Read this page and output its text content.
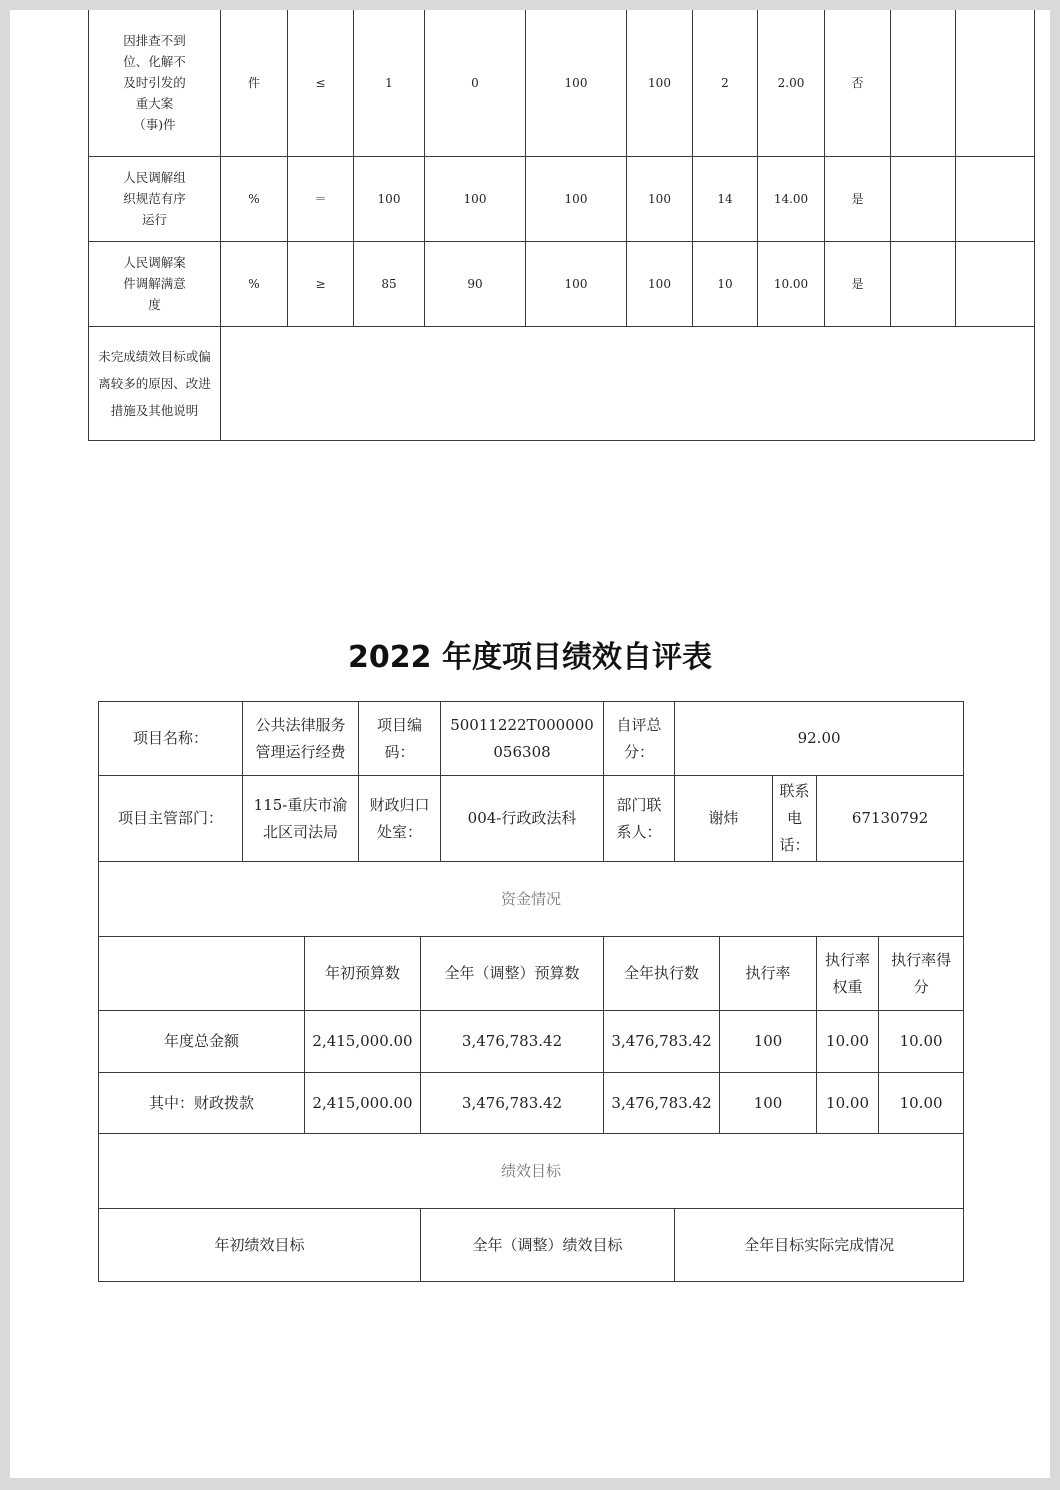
因排查不到位、化解不及时引发的重大案（事)件	件	≤	1	0	100	100	2	2.00	否		
人民调解组织规范有序运行	%	＝	100	100	100	100	14	14.00	是		
人民调解案件调解满意度	%	≥	85	90	100	100	10	10.00	是		
未完成绩效目标或偏离较多的原因、改进措施及其他说明											
2022 年度项目绩效自评表
项目名称：	公共法律服务管理运行经费		项目编码：		50011222T000000056308	自评总分：	92.00				
项目主管部门：	115-重庆市渝北区司法局		财政归口处室：		004-行政政法科	部门联系人：	谢炜		联系电话：	67130792	
资金情况											
		年初预算数		全年（调整）预算数		全年执行数		执行率		执行率权重	执行率得分
年度总金额		2,415,000.00		3,476,783.42		3,476,783.42		100		10.00	10.00
其中：财政拨款		2,415,000.00		3,476,783.42		3,476,783.42		100		10.00	10.00
绩效目标											
年初绩效目标				全年（调整）绩效目标			全年目标实际完成情况				
